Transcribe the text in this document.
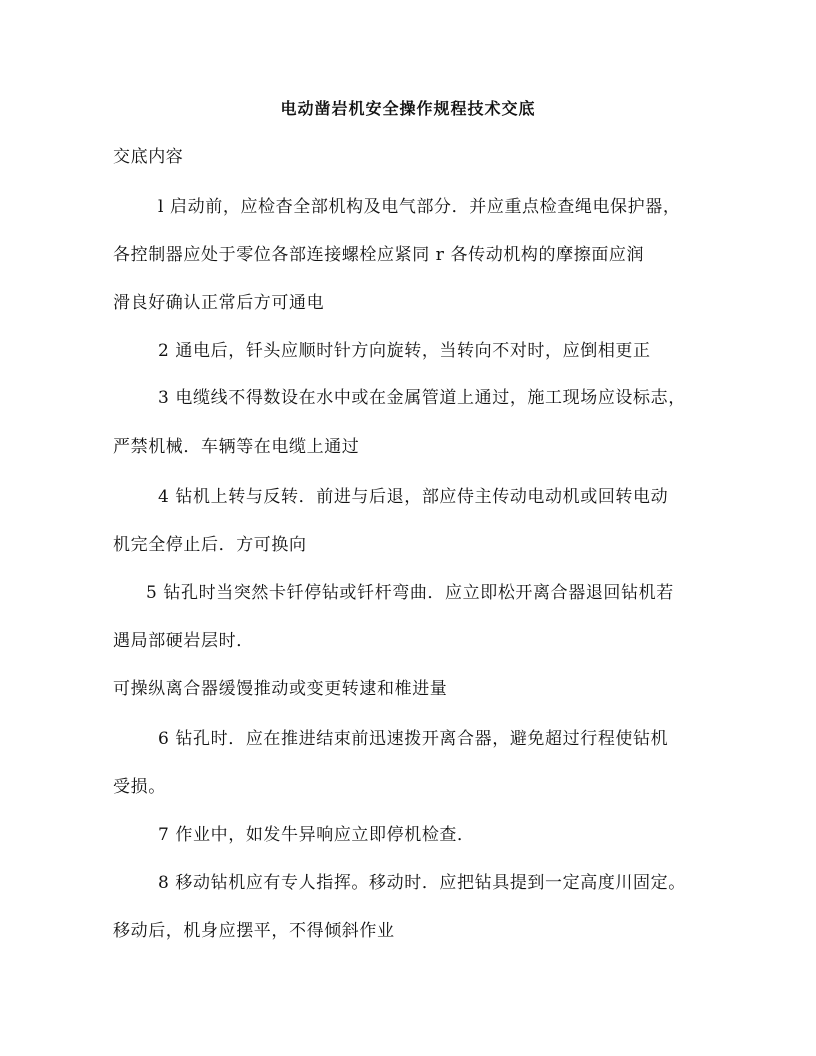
电动凿岩机安全操作规程技术交底
交底内容
l 启动前，应检杳全部机构及电气部分．并应重点检查绳电保护器，
各控制器应处于零位各部连接螺栓应紧同 r 各传动机构的摩擦面应润
滑良好确认正常后方可通电
2 通电后，钎头应顺时针方向旋转，当转向不对时，应倒相更正
3 电缆线不得数设在水中或在金属管道上通过，施工现场应设标志，
严禁机械．车辆等在电缆上通过
4 钻机上转与反转．前进与后退，部应侍主传动电动机或回转电动
机完全停止后．方可换向
5 钻孔时当突然卡钎停钻或钎杆弯曲．应立即松开离合器退回钻机若
遇局部硬岩层时．
可操纵离合器缓馒推动或变更转逮和椎进量
6 钻孔时．应在推进结束前迅速拨开离合器，避免超过行程使钻机
受损。
7 作业中，如发牛异响应立即停机检查．
8 移动钻机应有专人指挥。移动时．应把钻具提到一定高度川固定。
移动后，机身应摆平，不得倾斜作业
